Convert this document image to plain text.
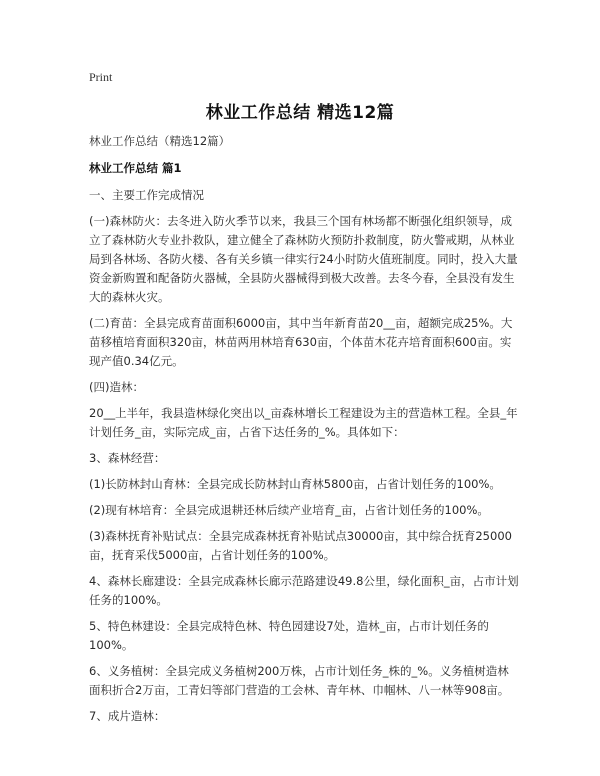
Print
林业工作总结 精选12篇

林业工作总结（精选12篇）

林业工作总结 篇1

一、主要工作完成情况

(一)森林防火：去冬进入防火季节以来，我县三个国有林场都不断强化组织领导，成立了森林防火专业扑救队，建立健全了森林防火预防扑救制度，防火警戒期，从林业局到各林场、各防火楼、各有关乡镇一律实行24小时防火值班制度。同时，投入大量资金新购置和配备防火器械，全县防火器械得到极大改善。去冬今春，全县没有发生大的森林火灾。

(二)育苗：全县完成育苗面积6000亩，其中当年新育苗20__亩，超额完成25%。大苗移植培育面积320亩，林苗两用林培育630亩，个体苗木花卉培育面积600亩。实现产值0.34亿元。

(四)造林：

20__上半年，我县造林绿化突出以_亩森林增长工程建设为主的营造林工程。全县_年计划任务_亩，实际完成_亩，占省下达任务的_%。具体如下：

3、森林经营：

(1)长防林封山育林：全县完成长防林封山育林5800亩，占省计划任务的100%。

(2)现有林培育：全县完成退耕还林后续产业培育_亩，占省计划任务的100%。

(3)森林抚育补贴试点：全县完成森林抚育补贴试点30000亩，其中综合抚育25000亩，抚育采伐5000亩，占省计划任务的100%。

4、森林长廊建设：全县完成森林长廊示范路建设49.8公里，绿化面积_亩，占市计划任务的100%。

5、特色林建设：全县完成特色林、特色园建设7处，造林_亩，占市计划任务的100%。

6、义务植树：全县完成义务植树200万株，占市计划任务_株的_%。义务植树造林面积折合2万亩，工青妇等部门营造的工会林、青年林、巾帼林、八一林等908亩。

7、成片造林：
